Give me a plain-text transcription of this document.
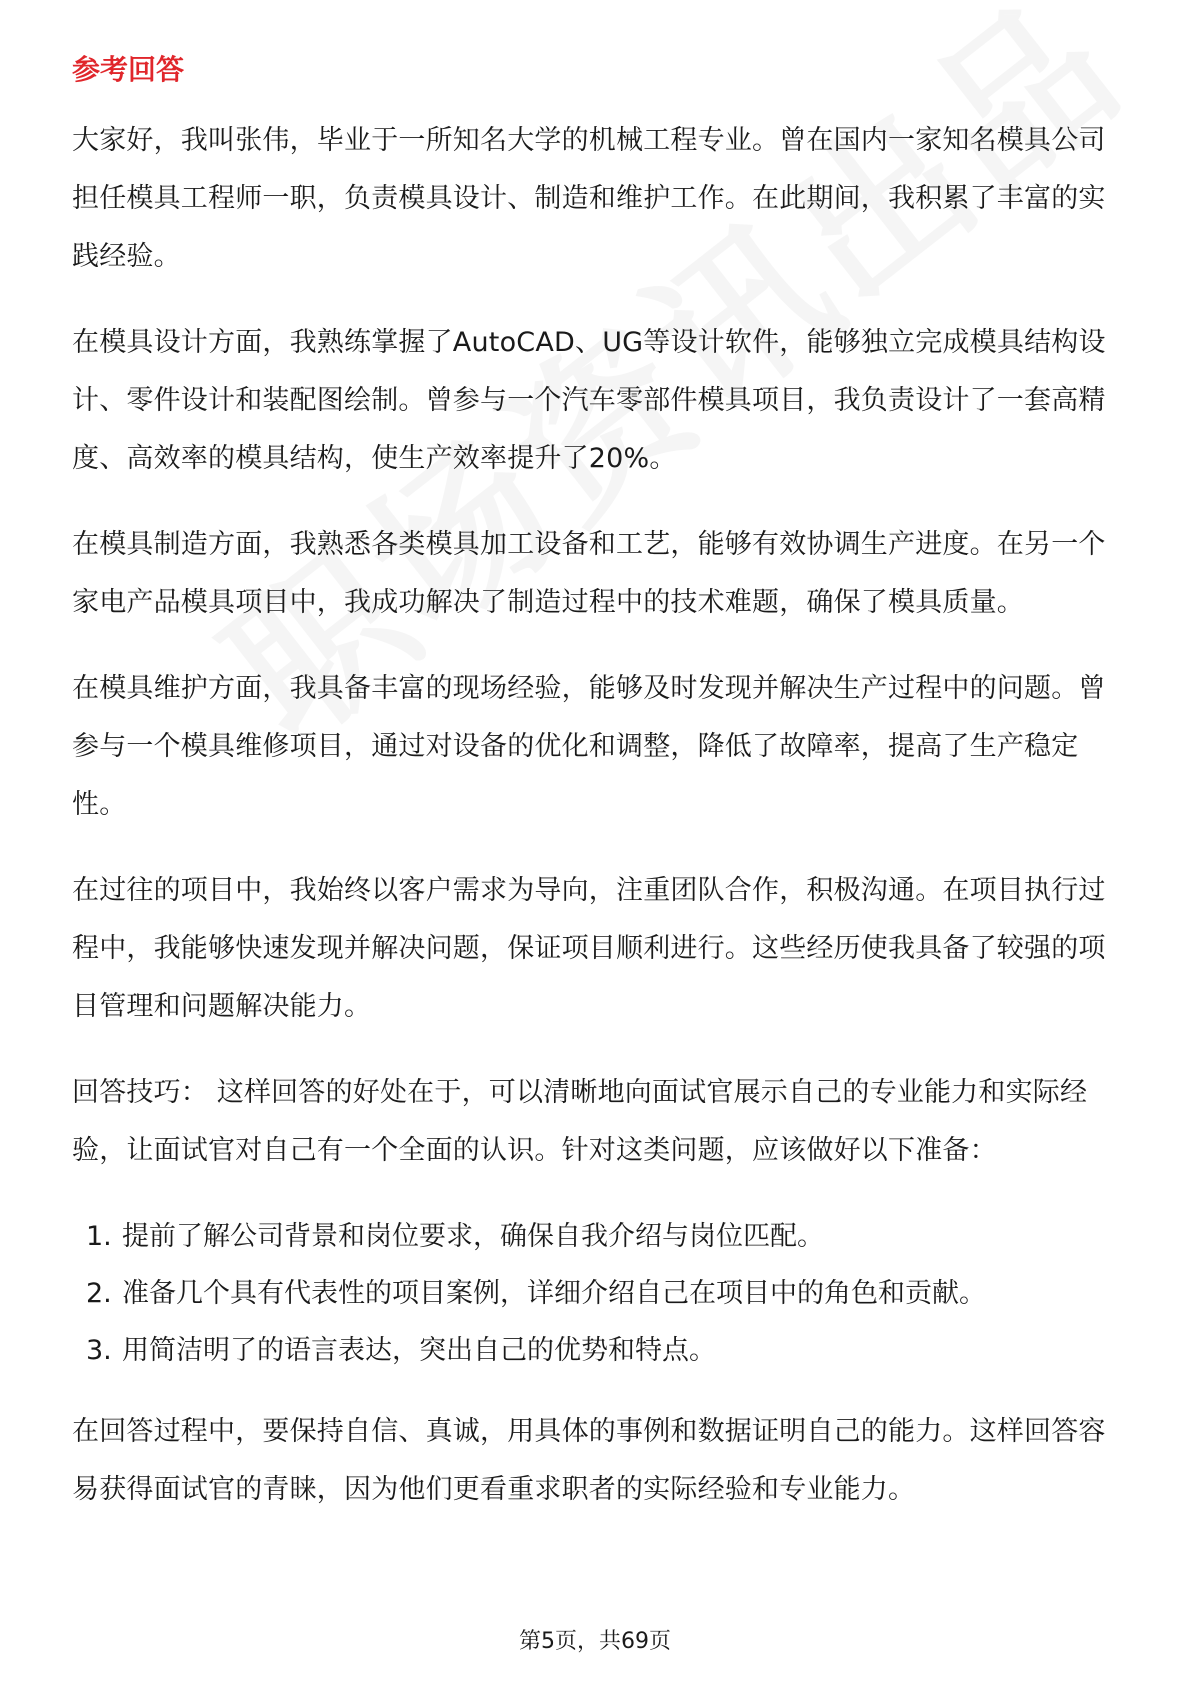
参考回答

大家好，我叫张伟，毕业于一所知名大学的机械工程专业。曾在国内一家知名模具公司担任模具工程师一职，负责模具设计、制造和维护工作。在此期间，我积累了丰富的实践经验。

在模具设计方面，我熟练掌握了AutoCAD、UG等设计软件，能够独立完成模具结构设计、零件设计和装配图绘制。曾参与一个汽车零部件模具项目，我负责设计了一套高精度、高效率的模具结构，使生产效率提升了20%。

在模具制造方面，我熟悉各类模具加工设备和工艺，能够有效协调生产进度。在另一个家电产品模具项目中，我成功解决了制造过程中的技术难题，确保了模具质量。

在模具维护方面，我具备丰富的现场经验，能够及时发现并解决生产过程中的问题。曾参与一个模具维修项目，通过对设备的优化和调整，降低了故障率，提高了生产稳定性。

在过往的项目中，我始终以客户需求为导向，注重团队合作，积极沟通。在项目执行过程中，我能够快速发现并解决问题，保证项目顺利进行。这些经历使我具备了较强的项目管理和问题解决能力。

回答技巧： 这样回答的好处在于，可以清晰地向面试官展示自己的专业能力和实际经验，让面试官对自己有一个全面的认识。针对这类问题，应该做好以下准备：

1. 提前了解公司背景和岗位要求，确保自我介绍与岗位匹配。
2. 准备几个具有代表性的项目案例，详细介绍自己在项目中的角色和贡献。
3. 用简洁明了的语言表达，突出自己的优势和特点。

在回答过程中，要保持自信、真诚，用具体的事例和数据证明自己的能力。这样回答容易获得面试官的青睐，因为他们更看重求职者的实际经验和专业能力。

第5页，共69页
